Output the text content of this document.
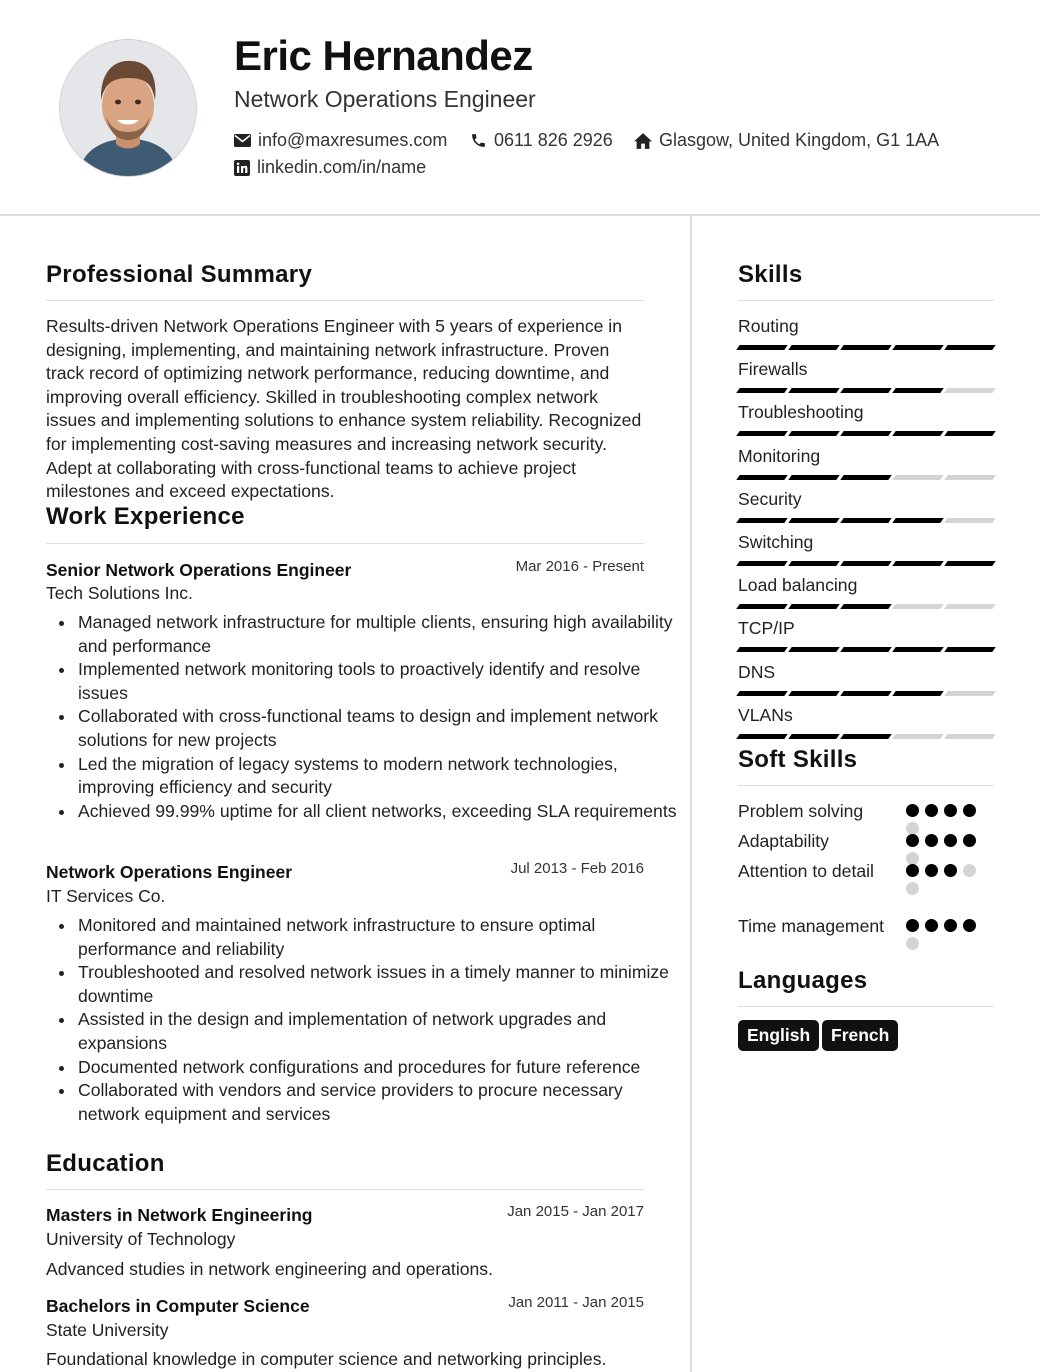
Eric Hernandez
Network Operations Engineer
info@maxresumes.com	0611 826 2926	Glasgow, United Kingdom, G1 1AA
linkedin.com/in/name
Professional Summary
Results-driven Network Operations Engineer with 5 years of experience in designing, implementing, and maintaining network infrastructure. Proven track record of optimizing network performance, reducing downtime, and improving overall efficiency. Skilled in troubleshooting complex network issues and implementing solutions to enhance system reliability. Recognized for implementing cost-saving measures and increasing network security. Adept at collaborating with cross-functional teams to achieve project milestones and exceed expectations.
Work Experience
Senior Network Operations Engineer	Mar 2016 - Present
Tech Solutions Inc.
Managed network infrastructure for multiple clients, ensuring high availability and performance
Implemented network monitoring tools to proactively identify and resolve issues
Collaborated with cross-functional teams to design and implement network solutions for new projects
Led the migration of legacy systems to modern network technologies, improving efficiency and security
Achieved 99.99% uptime for all client networks, exceeding SLA requirements
Network Operations Engineer	Jul 2013 - Feb 2016
IT Services Co.
Monitored and maintained network infrastructure to ensure optimal performance and reliability
Troubleshooted and resolved network issues in a timely manner to minimize downtime
Assisted in the design and implementation of network upgrades and expansions
Documented network configurations and procedures for future reference
Collaborated with vendors and service providers to procure necessary network equipment and services
Education
Masters in Network Engineering	Jan 2015 - Jan 2017
University of Technology
Advanced studies in network engineering and operations.
Bachelors in Computer Science	Jan 2011 - Jan 2015
State University
Foundational knowledge in computer science and networking principles.
Skills
Routing
Firewalls
Troubleshooting
Monitoring
Security
Switching
Load balancing
TCP/IP
DNS
VLANs
Soft Skills
Problem solving
Adaptability
Attention to detail
Time management
Languages
English	French
